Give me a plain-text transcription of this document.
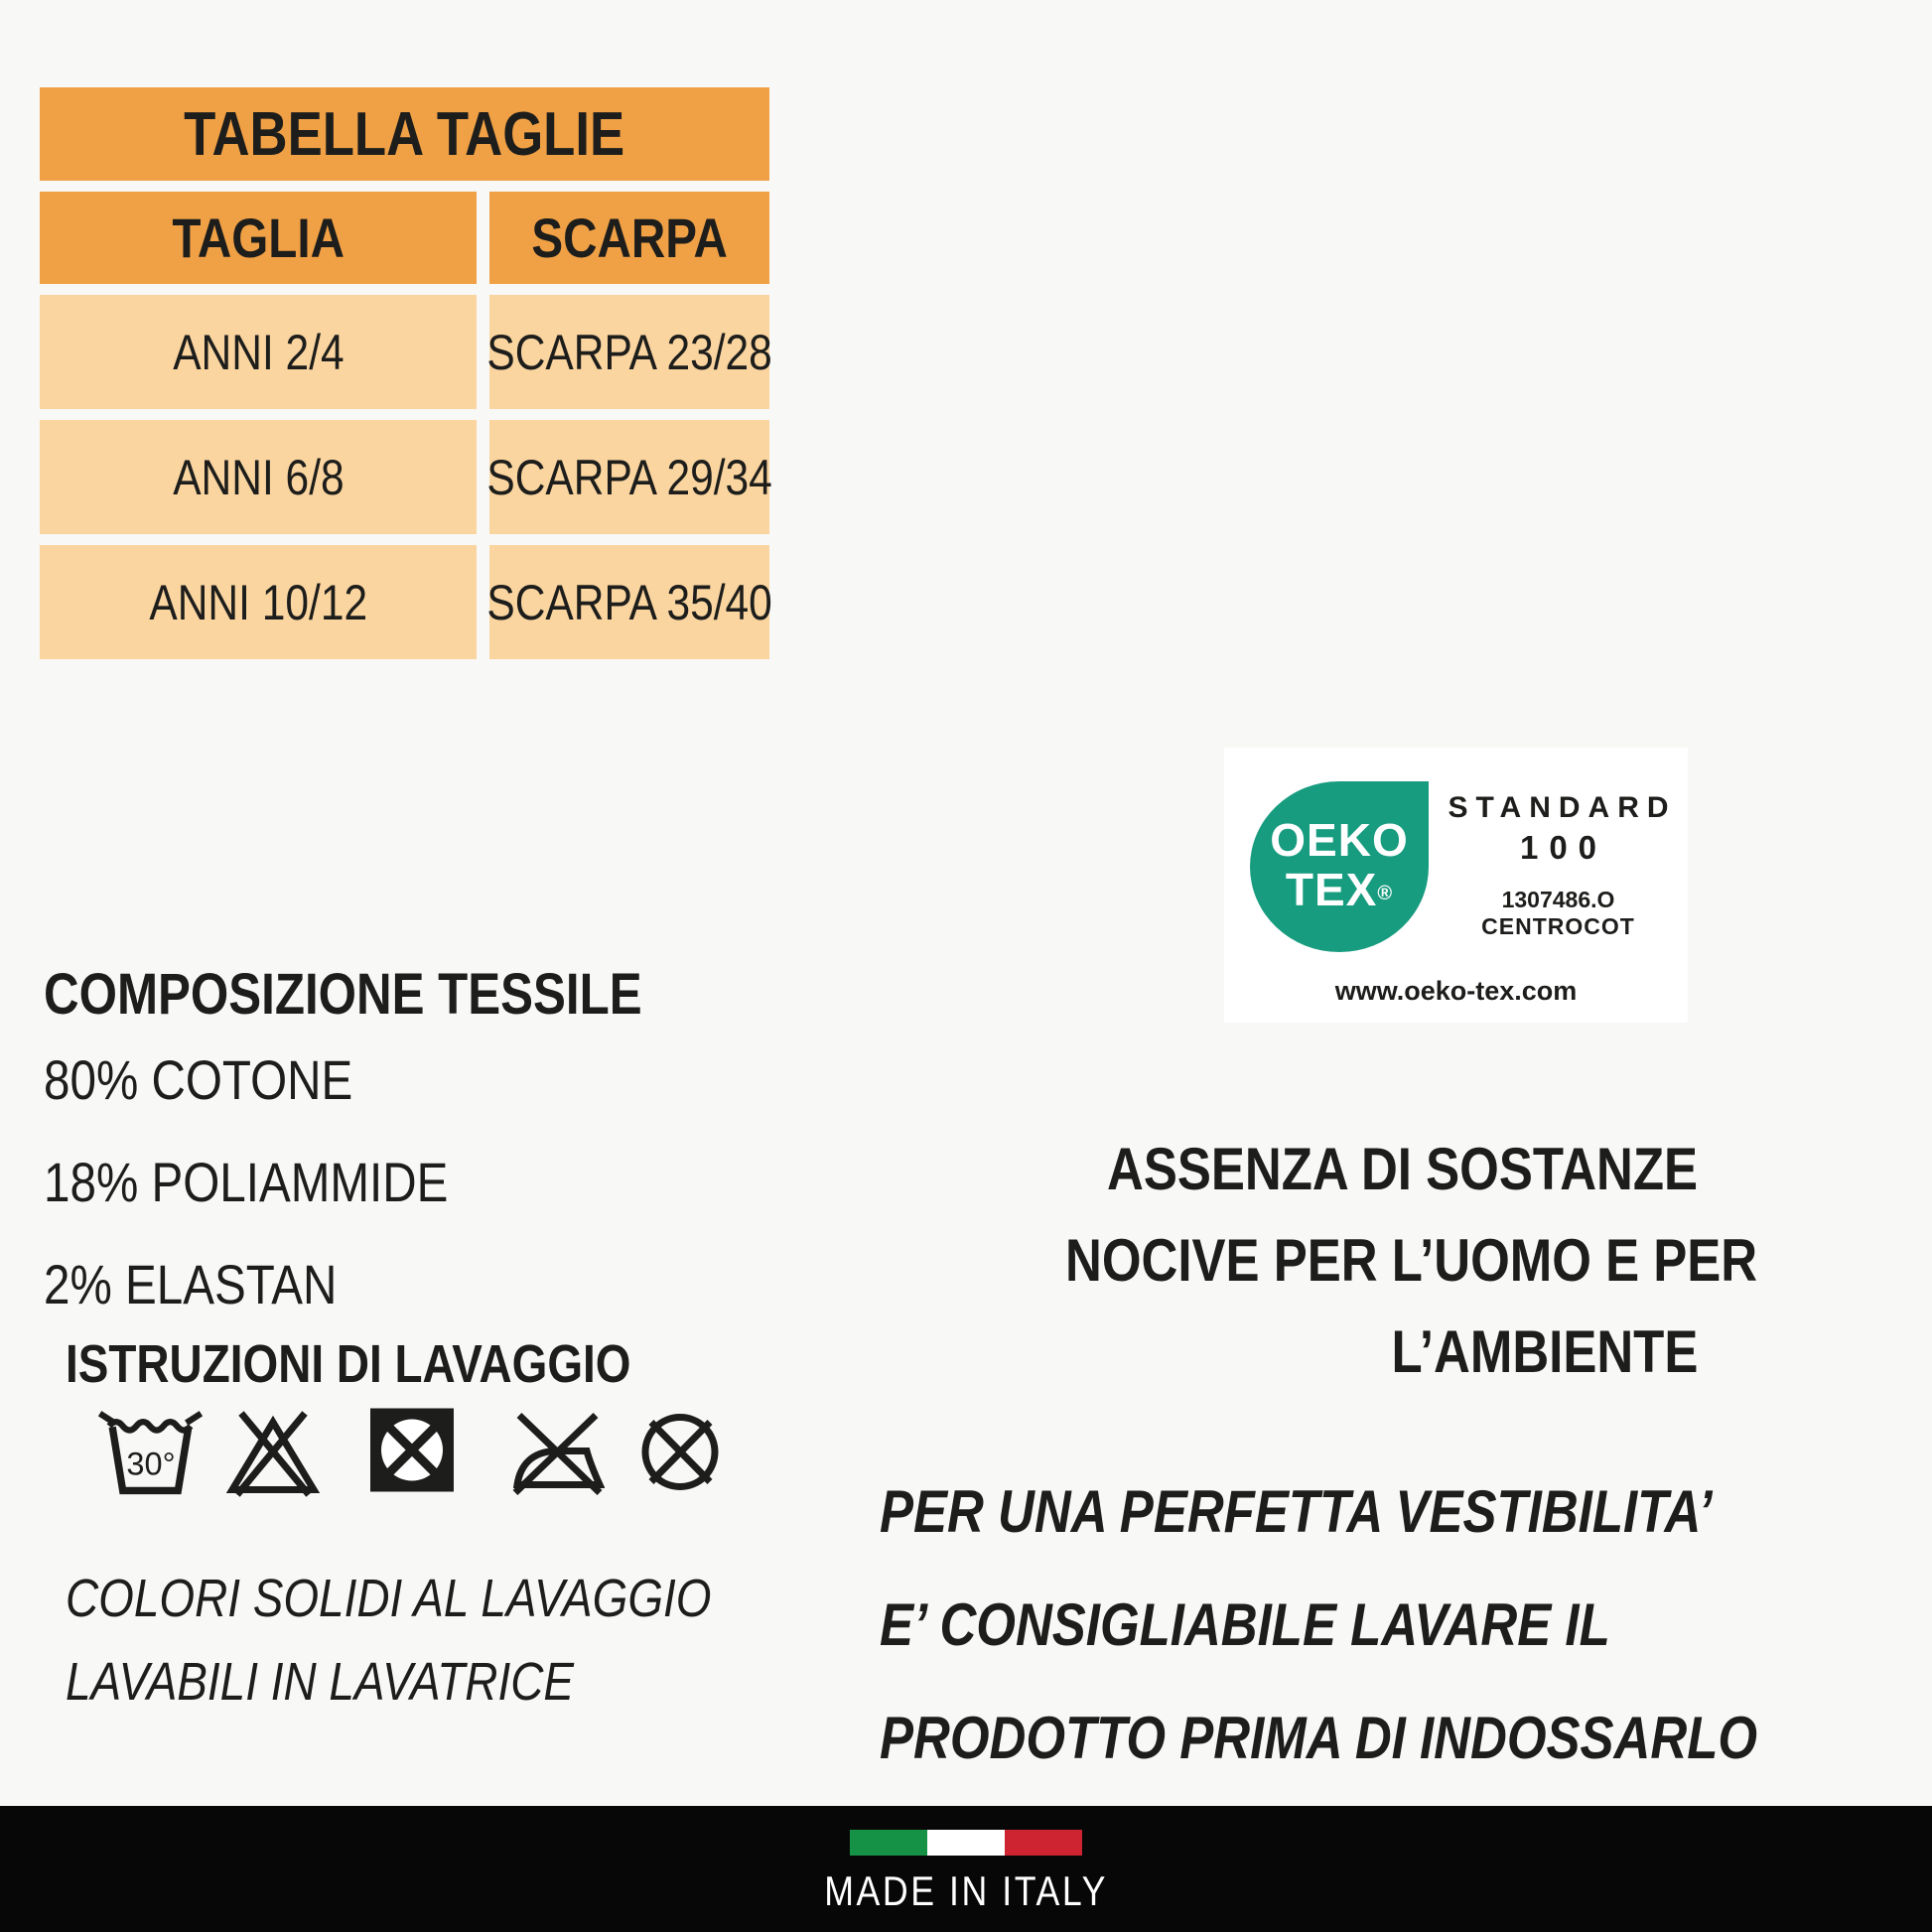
TABELLA TAGLIE
TAGLIA	SCARPA
ANNI 2/4	SCARPA 23/28
ANNI 6/8	SCARPA 29/34
ANNI 10/12 SCARPA 35/40
COMPOSIZIONE TESSILE
80% COTONE
18% POLIAMMIDE
2% ELASTAN
ISTRUZIONI DI LAVAGGIO
30°
COLORI SOLIDI AL LAVAGGIO
LAVABILI IN LAVATRICE
OEKO
TEX®
STANDARD
100
1307486.O
CENTROCOT
www.oeko-tex.com
ASSENZA DI SOSTANZE
NOCIVE PER L’UOMO E PER
L’AMBIENTE
PER UNA PERFETTA VESTIBILITA’
E’ CONSIGLIABILE LAVARE IL
PRODOTTO PRIMA DI INDOSSARLO
MADE IN ITALY
